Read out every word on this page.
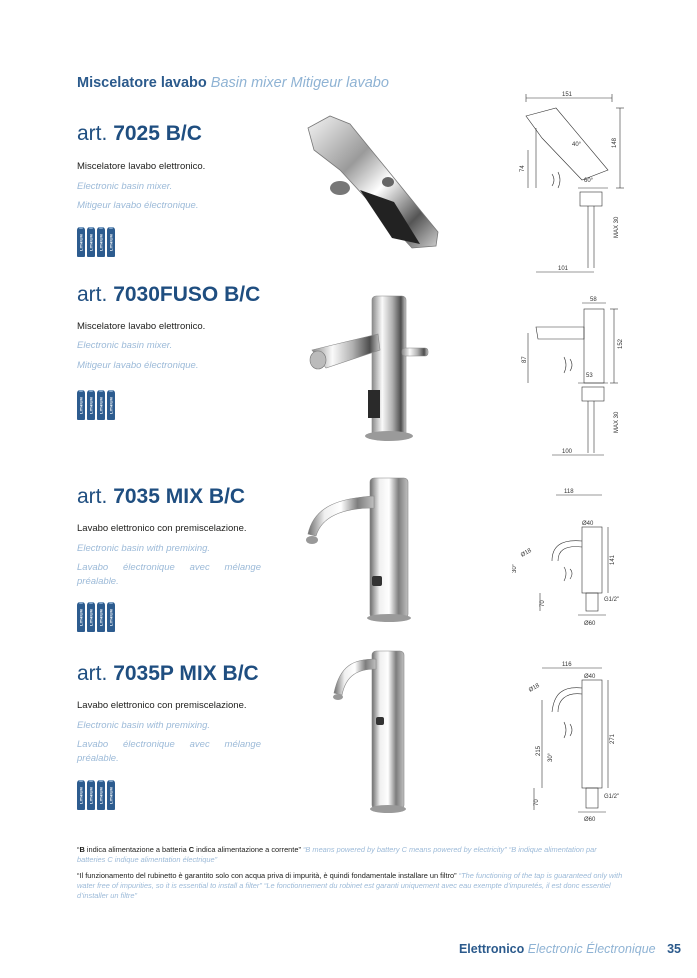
Miscelatore lavabo Basin mixer Mitigeur lavabo
art. 7025 B/C
Miscelatore lavabo elettronico.
Electronic basin mixer.
Mitigeur lavabo électronique.
LITHIUM LITHIUM LITHIUM LITHIUM
151
148
74
40°
60°
MAX 30
101
art. 7030FUSO B/C
Miscelatore lavabo elettronico.
Electronic basin mixer.
Mitigeur lavabo électronique.
LITHIUM LITHIUM LITHIUM LITHIUM
58
152
87
53
MAX 30
100
art. 7035 MIX B/C
Lavabo elettronico con premiscelazione.
Electronic basin with premixing.
Lavabo électronique avec mélange préalable.
LITHIUM LITHIUM LITHIUM LITHIUM
118
Ø40
Ø18
30°
141
70
G1/2"
Ø60
art. 7035P MIX B/C
Lavabo elettronico con premiscelazione.
Electronic basin with premixing.
Lavabo électronique avec mélange préalable.
LITHIUM LITHIUM LITHIUM LITHIUM
116
Ø40
Ø18
30°
271
215
70
G1/2"
Ø60
“B indica alimentazione a batteria C indica alimentazione a corrente” “B means powered by battery C means powered by electricity” “B indique alimentation par batteries C indique alimentation électrique”
“Il funzionamento del rubinetto è garantito solo con acqua priva di impurità, è quindi fondamentale installare un filtro” “The functioning of the tap is guaranteed only with water free of impurities, so it is essential to install a filter” “Le fonctionnement du robinet est garanti uniquement avec eau exempte d’impuretés, il est donc essentiel d’installer un filtre”
Elettronico Electronic Électronique 35
